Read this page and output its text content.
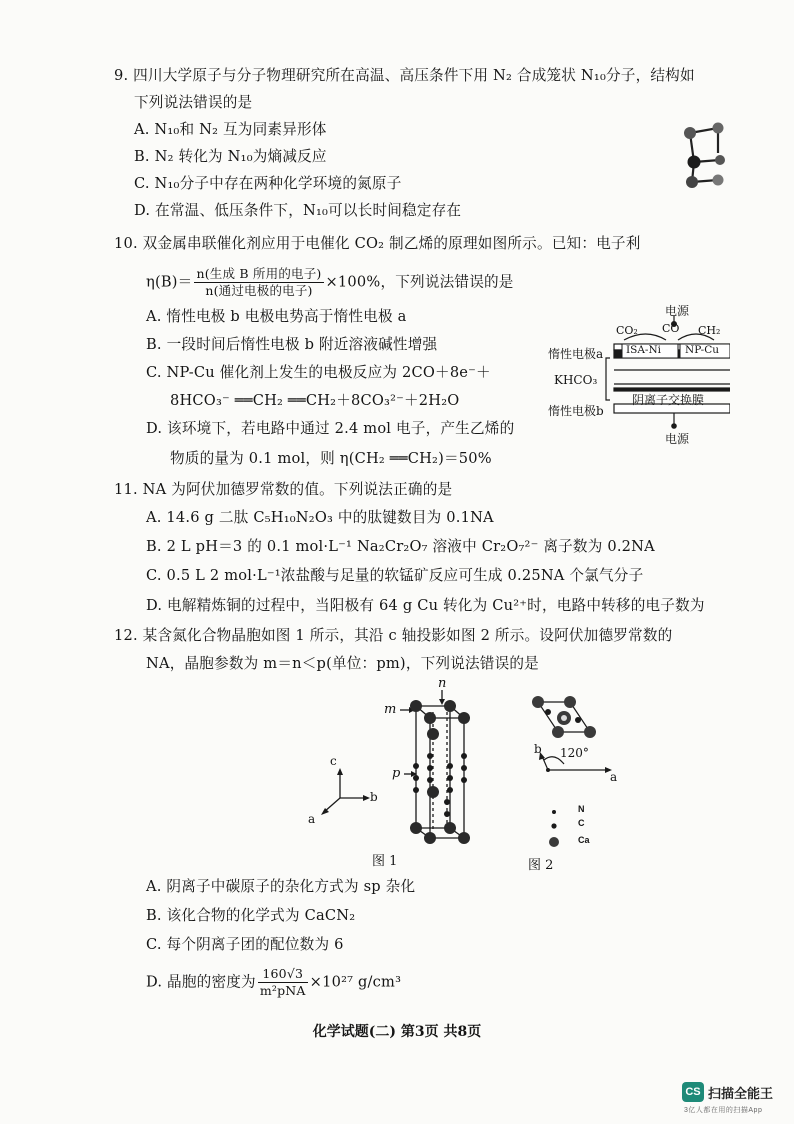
9. 四川大学原子与分子物理研究所在高温、高压条件下用 N₂ 合成笼状 N₁₀分子，结构如
下列说法错误的是
A. N₁₀和 N₂ 互为同素异形体
B. N₂ 转化为 N₁₀为熵减反应
C. N₁₀分子中存在两种化学环境的氮原子
D. 在常温、低压条件下，N₁₀可以长时间稳定存在
10. 双金属串联催化剂应用于电催化 CO₂ 制乙烯的原理如图所示。已知：电子利
$\eta(B)= \frac{\text{n(生成 B 所用的电子)}}{\text{n(通过电极的电子)}} \times 100\%$，下列说法错误的是
A. 惰性电极 b 电极电势高于惰性电极 a
B. 一段时间后惰性电极 b 附近溶液碱性增强
C. NP-Cu 催化剂上发生的电极反应为 2CO＋8e⁻＋
8HCO₃⁻ ══CH₂ ══CH₂＋8CO₃²⁻＋2H₂O
D. 该环境下，若电路中通过 2.4 mol 电子，产生乙烯的
物质的量为 0.1 mol，则 η(CH₂ ══CH₂)＝50%
电源
CO₂ CO CH₂
ISA-Ni NP-Cu
惰性电极a
KHCO₃
阴离子交换膜
惰性电极b
电源
11. NA 为阿伏加德罗常数的值。下列说法正确的是
A. 14.6 g 二肽 C₅H₁₀N₂O₃ 中的肽键数目为 0.1NA
B. 2 L pH＝3 的 0.1 mol·L⁻¹ Na₂Cr₂O₇ 溶液中 Cr₂O₇²⁻ 离子数为 0.2NA
C. 0.5 L 2 mol·L⁻¹浓盐酸与足量的软锰矿反应可生成 0.25NA 个氯气分子
D. 电解精炼铜的过程中，当阳极有 64 g Cu 转化为 Cu²⁺时，电路中转移的电子数为
12. 某含氮化合物晶胞如图 1 所示，其沿 c 轴投影如图 2 所示。设阿伏加德罗常数的
NA，晶胞参数为 m＝n＜p(单位：pm)，下列说法错误的是
m
n
p
c
b
a
图 1
b
a
120°
N
C
Ca
图 2
A. 阴离子中碳原子的杂化方式为 sp 杂化
B. 该化合物的化学式为 CaCN₂
C. 每个阴离子团的配位数为 6
D. 晶胞的密度为 $\frac{160√3}{\text{m²pNA}} \times 10^{27}$ g/cm³
化学试题(二) 第3页 共8页
CS 扫描全能王
3亿人都在用的扫描App
